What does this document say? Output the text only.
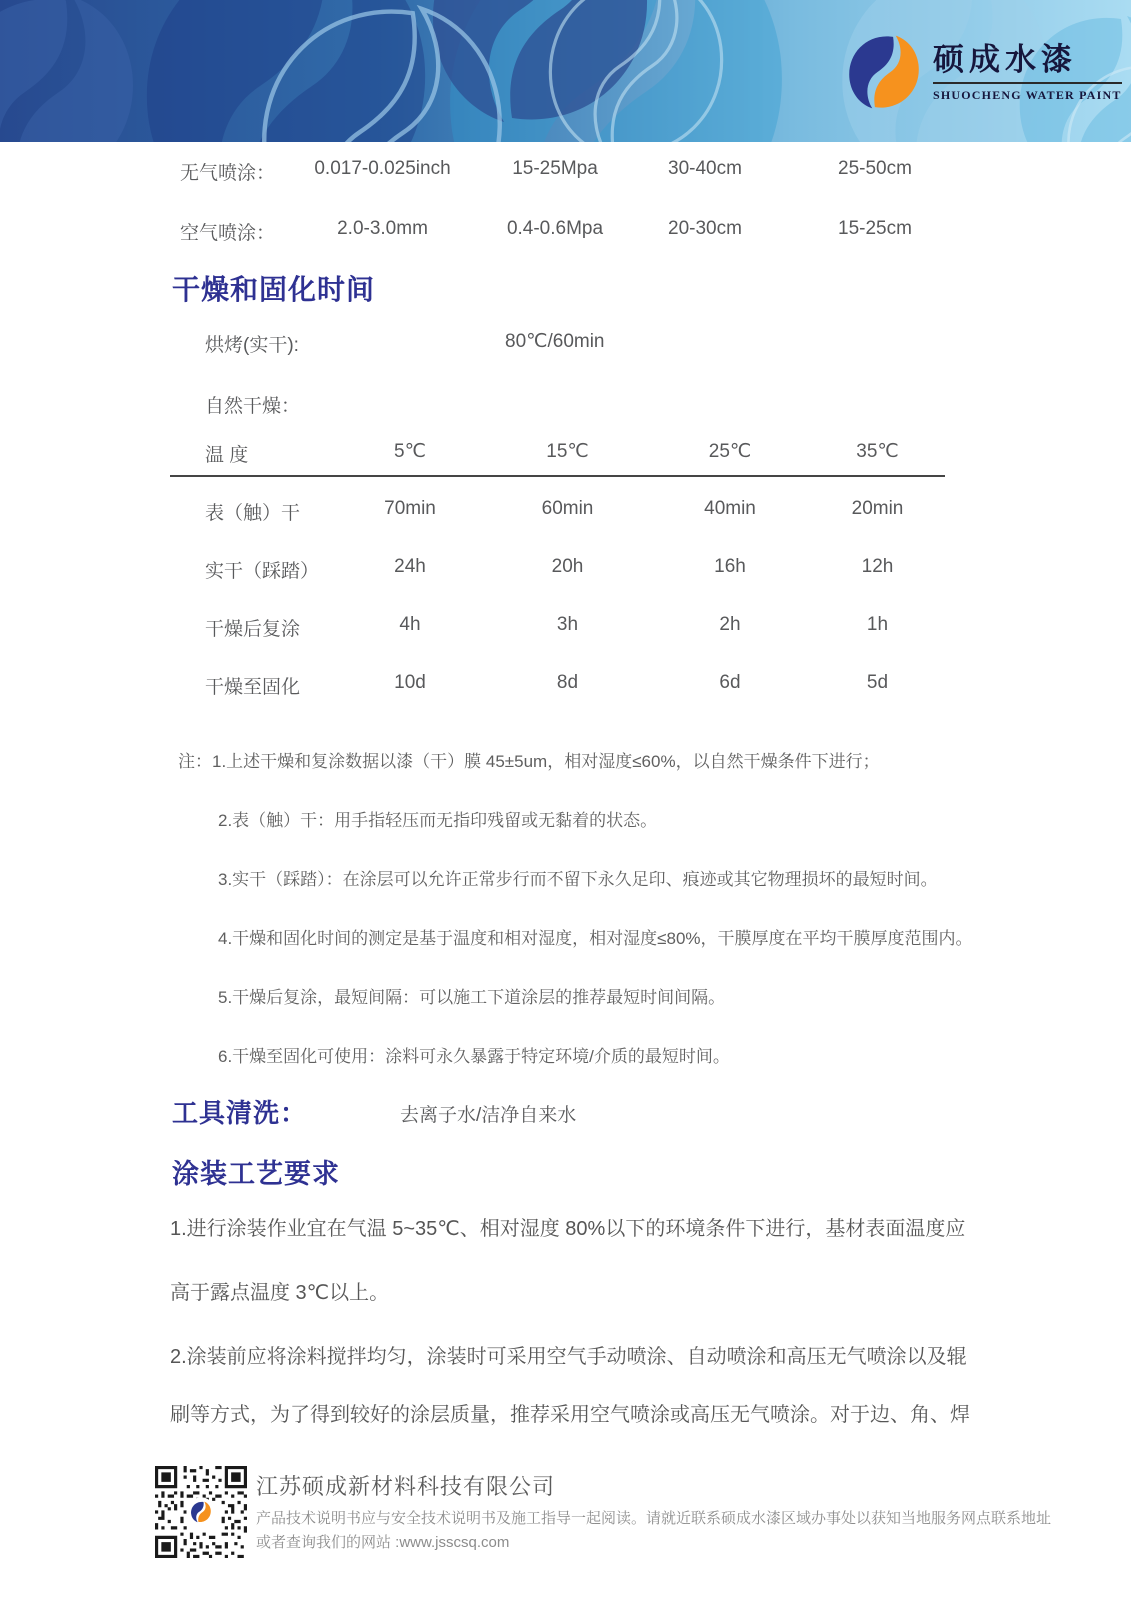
硕成水漆
SHUOCHENG WATER PAINT
无气喷涂：	0.017-0.025inch	15-25Mpa	30-40cm	25-50cm
空气喷涂：	2.0-3.0mm	0.4-0.6Mpa	20-30cm	15-25cm
干燥和固化时间
烘烤(实干):	80℃/60min
自然干燥：
温 度	5℃	15℃	25℃	35℃
表（触）干	70min	60min	40min	20min
实干（踩踏）	24h	20h	16h	12h
干燥后复涂	4h	3h	2h	1h
干燥至固化	10d	8d	6d	5d
注：1.上述干燥和复涂数据以漆（干）膜 45±5um，相对湿度≤60%，以自然干燥条件下进行；
2.表（触）干：用手指轻压而无指印残留或无黏着的状态。
3.实干（踩踏）：在涂层可以允许正常步行而不留下永久足印、痕迹或其它物理损坏的最短时间。
4.干燥和固化时间的测定是基于温度和相对湿度，相对湿度≤80%，干膜厚度在平均干膜厚度范围内。
5.干燥后复涂，最短间隔：可以施工下道涂层的推荐最短时间间隔。
6.干燥至固化可使用：涂料可永久暴露于特定环境/介质的最短时间。
工具清洗：	去离子水/洁净自来水
涂装工艺要求
1.进行涂装作业宜在气温 5~35℃、相对湿度 80%以下的环境条件下进行，基材表面温度应
高于露点温度 3℃以上。
2.涂装前应将涂料搅拌均匀，涂装时可采用空气手动喷涂、自动喷涂和高压无气喷涂以及辊
刷等方式，为了得到较好的涂层质量，推荐采用空气喷涂或高压无气喷涂。对于边、角、焊
江苏硕成新材料科技有限公司
产品技术说明书应与安全技术说明书及施工指导一起阅读。请就近联系硕成水漆区域办事处以获知当地服务网点联系地址
或者查询我们的网站 :www.jsscsq.com
